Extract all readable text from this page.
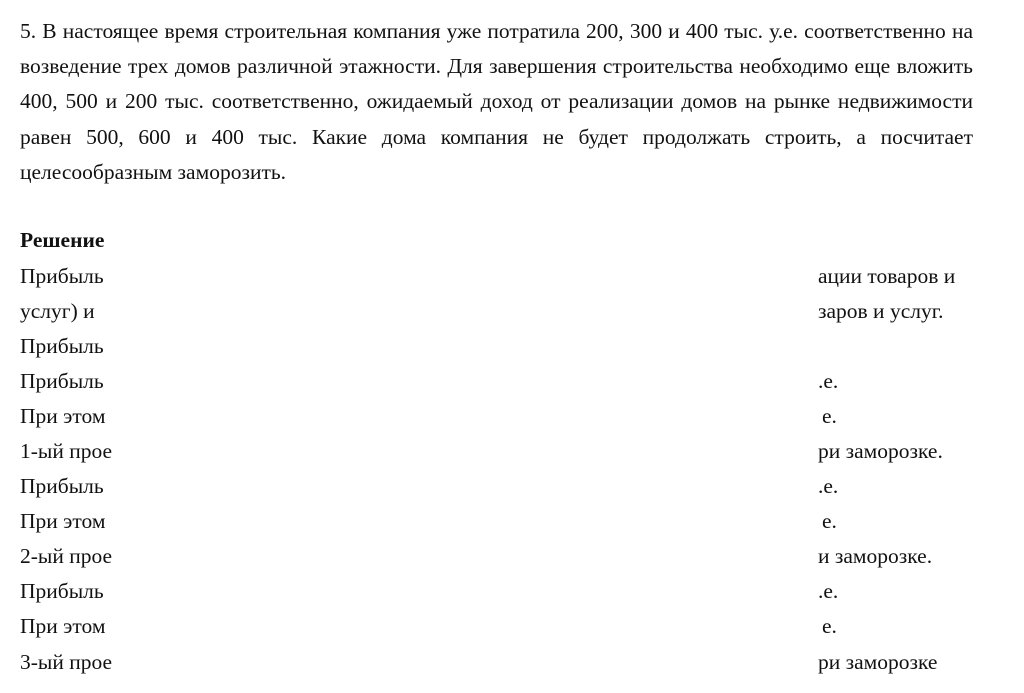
5. В настоящее время строительная компания уже потратила 200, 300 и 400 тыс. у.е. соответственно на возведение трех домов различной этажности. Для завершения строительства необходимо еще вложить 400, 500 и 200 тыс. соответственно, ожидаемый доход от реализации домов на рынке недвижимости равен 500, 600 и 400 тыс. Какие дома компания не будет продолжать строить, а посчитает целесообразным заморозить.

Решение
Прибыль	ации товаров и
услуг) и	заров и услуг.
Прибыль
Прибыль	.е.
При этом	е.
1-ый прое	ри заморозке.
Прибыль	.е.
При этом	е.
2-ый прое	и заморозке.
Прибыль	.е.
При этом	е.
3-ый прое	ри заморозке
